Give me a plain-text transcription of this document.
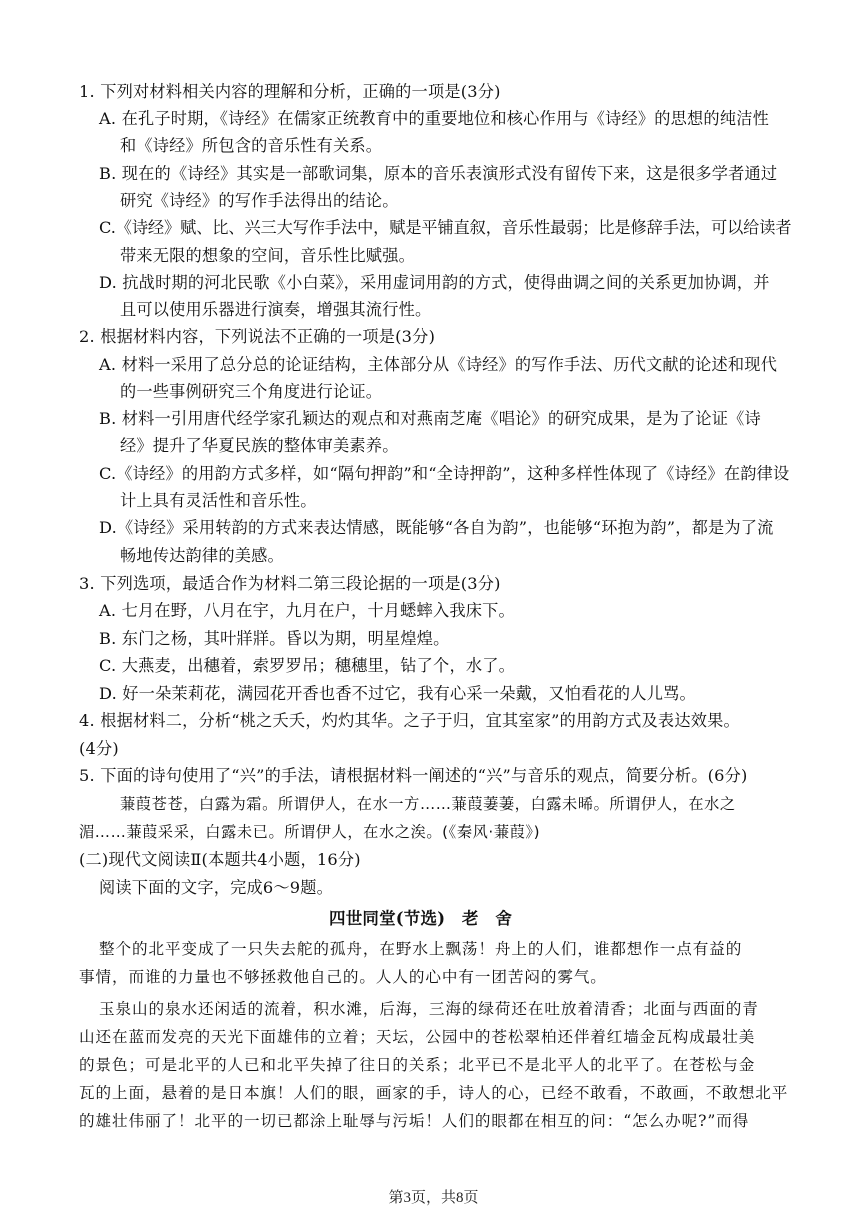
1. 下列对材料相关内容的理解和分析，正确的一项是(3分)
A. 在孔子时期，《诗经》在儒家正统教育中的重要地位和核心作用与《诗经》的思想的纯洁性
和《诗经》所包含的音乐性有关系。
B. 现在的《诗经》其实是一部歌词集，原本的音乐表演形式没有留传下来，这是很多学者通过
研究《诗经》的写作手法得出的结论。
C.《诗经》赋、比、兴三大写作手法中，赋是平铺直叙，音乐性最弱；比是修辞手法，可以给读者
带来无限的想象的空间，音乐性比赋强。
D. 抗战时期的河北民歌《小白菜》，采用虚词用韵的方式，使得曲调之间的关系更加协调，并
且可以使用乐器进行演奏，增强其流行性。
2. 根据材料内容，下列说法不正确的一项是(3分)
A. 材料一采用了总分总的论证结构，主体部分从《诗经》的写作手法、历代文献的论述和现代
的一些事例研究三个角度进行论证。
B. 材料一引用唐代经学家孔颖达的观点和对燕南芝庵《唱论》的研究成果，是为了论证《诗
经》提升了华夏民族的整体审美素养。
C.《诗经》的用韵方式多样，如“隔句押韵”和“全诗押韵”，这种多样性体现了《诗经》在韵律设
计上具有灵活性和音乐性。
D.《诗经》采用转韵的方式来表达情感，既能够“各自为韵”，也能够“环抱为韵”，都是为了流
畅地传达韵律的美感。
3. 下列选项，最适合作为材料二第三段论据的一项是(3分)
A. 七月在野，八月在宇，九月在户，十月蟋蟀入我床下。
B. 东门之杨，其叶牂牂。昏以为期，明星煌煌。
C. 大燕麦，出穗着，索罗罗吊；穗穗里，钻了个，水了。
D. 好一朵茉莉花，满园花开香也香不过它，我有心采一朵戴，又怕看花的人儿骂。
4. 根据材料二，分析“桃之夭夭，灼灼其华。之子于归，宜其室家”的用韵方式及表达效果。
(4分)
5. 下面的诗句使用了“兴”的手法，请根据材料一阐述的“兴”与音乐的观点，简要分析。(6分)
蒹葭苍苍，白露为霜。所谓伊人，在水一方……蒹葭萋萋，白露未晞。所谓伊人，在水之
湄……蒹葭采采，白露未已。所谓伊人，在水之涘。(《秦风·蒹葭》)
(二)现代文阅读Ⅱ(本题共4小题，16分)
阅读下面的文字，完成6～9题。
四世同堂(节选)　老　舍
整个的北平变成了一只失去舵的孤舟，在野水上飘荡！舟上的人们，谁都想作一点有益的
事情，而谁的力量也不够拯救他自己的。人人的心中有一团苦闷的雾气。
玉泉山的泉水还闲适的流着，积水滩，后海，三海的绿荷还在吐放着清香；北面与西面的青
山还在蓝而发亮的天光下面雄伟的立着；天坛，公园中的苍松翠柏还伴着红墙金瓦构成最壮美
的景色；可是北平的人已和北平失掉了往日的关系；北平已不是北平人的北平了。在苍松与金
瓦的上面，悬着的是日本旗！人们的眼，画家的手，诗人的心，已经不敢看，不敢画，不敢想北平
的雄壮伟丽了！北平的一切已都涂上耻辱与污垢！人们的眼都在相互的问：“怎么办呢?”而得
第3页，共8页
